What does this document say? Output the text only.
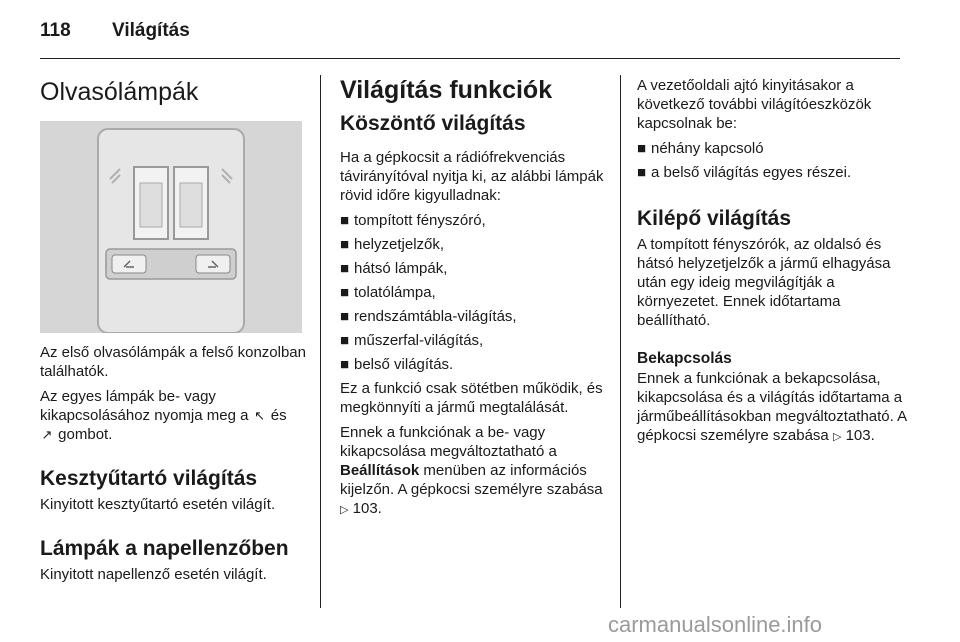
118 Világítás
Olvasólámpák

Az első olvasólámpák a felső konzolban találhatók.

Az egyes lámpák be- vagy kikapcsolásához nyomja meg a ↖ és
↗ gombot.

Kesztyűtartó világítás

Kinyitott kesztyűtartó esetén világít.

Lámpák a napellenzőben

Kinyitott napellenző esetén világít.

Világítás funkciók
Köszöntő világítás

Ha a gépkocsit a rádiófrekvenciás távirányítóval nyitja ki, az alábbi lámpák rövid időre kigyulladnak:

■ tompított fényszóró,
■ helyzetjelzők,
■ hátsó lámpák,
■ tolatólámpa,
■ rendszámtábla-világítás,
■ műszerfal-világítás,
■ belső világítás.

Ez a funkció csak sötétben működik, és megkönnyíti a jármű megtalálását.

Ennek a funkciónak a be- vagy kikapcsolása megváltoztatható a Beállítások menüben az információs kijelzőn. A gépkocsi személyre szabása ▷ 103.

A vezetőoldali ajtó kinyitásakor a következő további világítóeszközök kapcsolnak be:

■ néhány kapcsoló
■ a belső világítás egyes részei.
Kilépő világítás

A tompított fényszórók, az oldalsó és hátsó helyzetjelzők a jármű elhagyása után egy ideig megvilágítják a környezetet. Ennek időtartama beállítható.

Bekapcsolás

Ennek a funkciónak a bekapcsolása, kikapcsolása és a világítás időtartama a járműbeállításokban megváltoztatható. A gépkocsi személyre szabása ▷ 103.

carmanualsonline.info
